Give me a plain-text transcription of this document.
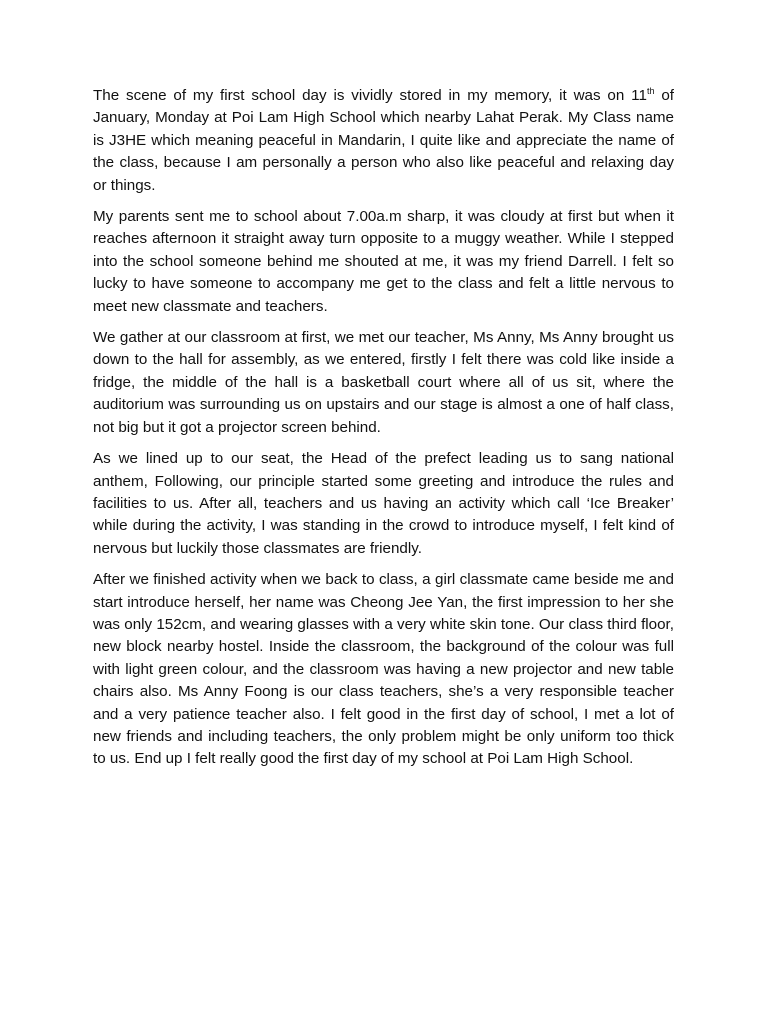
The scene of my first school day is vividly stored in my memory, it was on 11th of January, Monday at Poi Lam High School which nearby Lahat Perak. My Class name is J3HE which meaning peaceful in Mandarin, I quite like and appreciate the name of the class, because I am personally a person who also like peaceful and relaxing day or things.

My parents sent me to school about 7.00a.m sharp, it was cloudy at first but when it reaches afternoon it straight away turn opposite to a muggy weather. While I stepped into the school someone behind me shouted at me, it was my friend Darrell. I felt so lucky to have someone to accompany me get to the class and felt a little nervous to meet new classmate and teachers.

We gather at our classroom at first, we met our teacher, Ms Anny, Ms Anny brought us down to the hall for assembly, as we entered, firstly I felt there was cold like inside a fridge, the middle of the hall is a basketball court where all of us sit, where the auditorium was surrounding us on upstairs and our stage is almost a one of half class, not big but it got a projector screen behind.

As we lined up to our seat, the Head of the prefect leading us to sang national anthem, Following, our principle started some greeting and introduce the rules and facilities to us. After all, teachers and us having an activity which call ‘Ice Breaker’ while during the activity, I was standing in the crowd to introduce myself, I felt kind of nervous but luckily those classmates are friendly.

After we finished activity when we back to class, a girl classmate came beside me and start introduce herself, her name was Cheong Jee Yan, the first impression to her she was only 152cm, and wearing glasses with a very white skin tone. Our class third floor, new block nearby hostel. Inside the classroom, the background of the colour was full with light green colour, and the classroom was having a new projector and new table chairs also. Ms Anny Foong is our class teachers, she’s a very responsible teacher and a very patience teacher also. I felt good in the first day of school, I met a lot of new friends and including teachers, the only problem might be only uniform too thick to us. End up I felt really good the first day of my school at Poi Lam High School.
